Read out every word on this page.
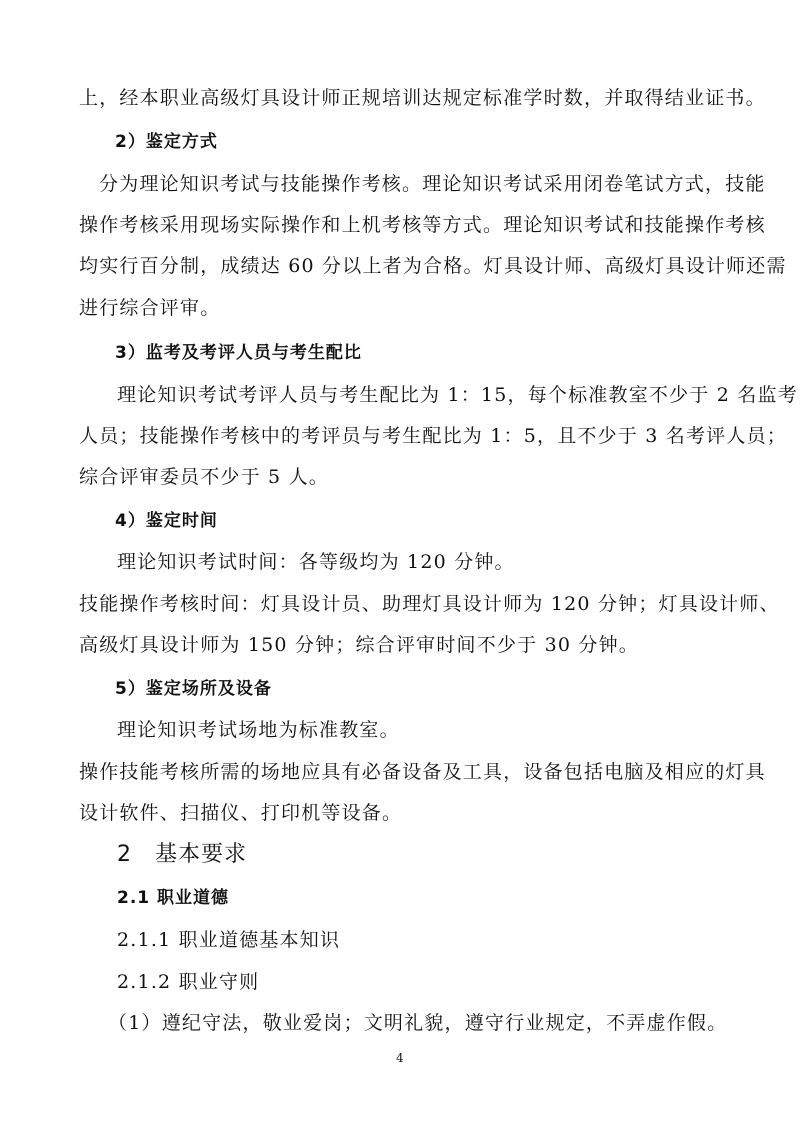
上，经本职业高级灯具设计师正规培训达规定标准学时数，并取得结业证书。
2）鉴定方式
分为理论知识考试与技能操作考核。理论知识考试采用闭卷笔试方式，技能
操作考核采用现场实际操作和上机考核等方式。理论知识考试和技能操作考核
均实行百分制，成绩达 60 分以上者为合格。灯具设计师、高级灯具设计师还需
进行综合评审。
3）监考及考评人员与考生配比
理论知识考试考评人员与考生配比为 1：15，每个标准教室不少于 2 名监考
人员；技能操作考核中的考评员与考生配比为 1：5，且不少于 3 名考评人员；
综合评审委员不少于 5 人。
4）鉴定时间
理论知识考试时间：各等级均为 120 分钟。
技能操作考核时间：灯具设计员、助理灯具设计师为 120 分钟；灯具设计师、
高级灯具设计师为 150 分钟；综合评审时间不少于 30 分钟。
5）鉴定场所及设备
理论知识考试场地为标准教室。
操作技能考核所需的场地应具有必备设备及工具，设备包括电脑及相应的灯具
设计软件、扫描仪、打印机等设备。
2　基本要求
2.1 职业道德
2.1.1 职业道德基本知识
2.1.2 职业守则
（1）遵纪守法，敬业爱岗；文明礼貌，遵守行业规定，不弄虚作假。
4
